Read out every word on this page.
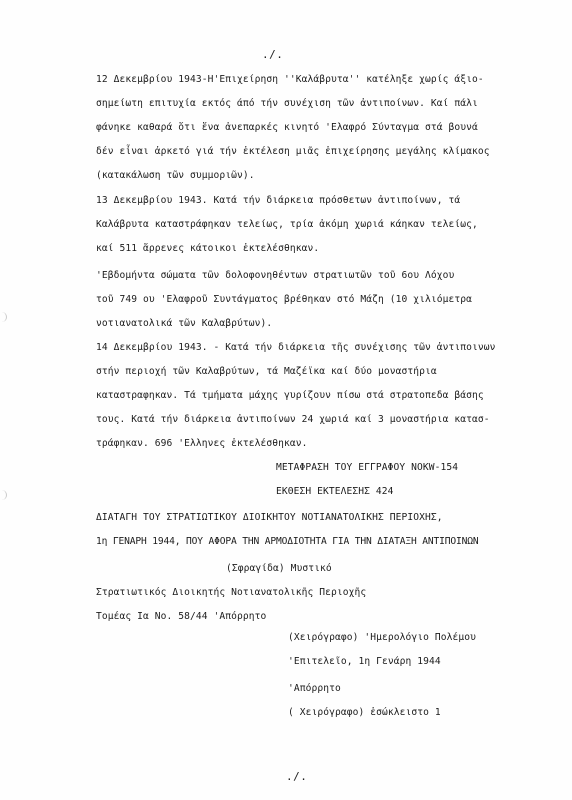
./.
12 Δεκεμβρίου 1943-Η'Επιχείρηση ''Καλάβρυτα'' κατέληξε χωρίς άξιο-
σημείωτη επιτυχία εκτός άπό τήν συνέχιση τῶν ἀντιποίνων. Καί πάλι
φάνηκε καθαρά ὅτι ἕνα ἀνεπαρκές κινητό 'Ελαφρό Σύνταγμα στά βουνά
δέν εἶναι ἀρκετό γιά τήν ἐκτέλεση μιᾶς ἐπιχείρησης μεγάλης κλίμακος
(κατακάλωση τῶν συμμοριῶν).
13 Δεκεμβρίου 1943. Κατά τήν διάρκεια πρόσθετων ἀντιποίνων, τά
Καλάβρυτα καταστράφηκαν τελείως, τρία ἀκόμη χωριά κάηκαν τελείως,
καί 511 ἄρρενες κάτοικοι ἐκτελέσθηκαν.
'Εβδομήντα σώματα τῶν δολοφονηθέντων στρατιωτῶν τοῦ 6ου Λόχου
τοῦ 749 ου 'Ελαφροῦ Συντάγματος βρέθηκαν στό Μάζη (10 χιλιόμετρα
νοτιανατολικά τῶν Καλαβρύτων).
14 Δεκεμβρίου 1943. - Κατά τήν διάρκεια τῆς συνέχισης τῶν ἀντιποινων
στήν περιοχή τῶν Καλαβρύτων, τά Μαζέϊκα καί δύο μοναστήρια
καταστραφηκαν. Τά τμήματα μάχης γυρίζουν πίσω στά στρατοπεδα βάσης
τους. Κατά τήν διάρκεια ἀντιποίνων 24 χωριά καί 3 μοναστήρια κατασ-
τράφηκαν. 696 'Ελληνες ἐκτελέσθηκαν.
ΜΕΤΑΦΡΑΣΗ ΤΟΥ ΕΓΓΡΑΦΟΥ ΝΟΚW-154
ΕΚΘΕΣΗ ΕΚΤΕΛΕΣΗΣ 424
ΔΙΑΤΑΓΗ ΤΟΥ ΣΤΡΑΤΙΩΤΙΚΟΥ ΔΙΟΙΚΗΤΟΥ ΝΟΤΙΑΝΑΤΟΛΙΚΗΣ ΠΕΡΙΟΧΗΣ,
1η ΓΕΝΑΡΗ 1944, ΠΟΥ ΑΦΟΡΑ ΤΗΝ ΑΡΜΟΔΙΟΤΗΤΑ ΓΙΑ ΤΗΝ ΔΙΑΤΑΞΗ ΑΝΤΙΠΟΙΝΩΝ
(Σφραγίδα) Μυστικό
Στρατιωτικός Διοικητής Νοτιανατολικῆς Περιοχῆς
Τομέας Ια Νο. 58/44 'Απόρρητο
(Χειρόγραφο) 'Ημερολόγιο Πολέμου
'Επιτελεῖο, 1η Γενάρη 1944
'Απόρρητο
( Χειρόγραφο) ἐσώκλειστο 1
./.
